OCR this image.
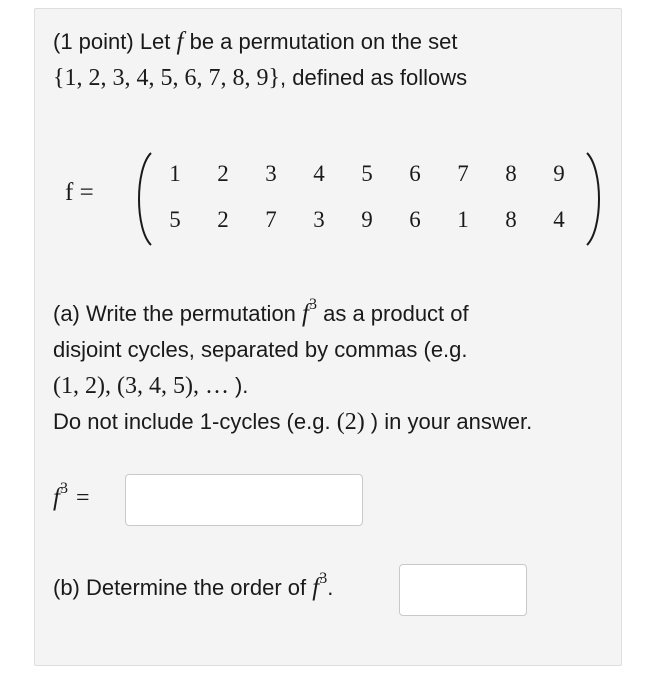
(1 point) Let f be a permutation on the set
{1, 2, 3, 4, 5, 6, 7, 8, 9}, defined as follows
f =
1	2	3	4	5	6	7	8	9
5	2	7	3	9	6	1	8	4
(a) Write the permutation $f^3$ as a product of
disjoint cycles, separated by commas (e.g.
(1, 2), (3, 4, 5), … ).
Do not include 1-cycles (e.g. (2) ) in your answer.
$f^3$ =
(b) Determine the order of $f^3$.
